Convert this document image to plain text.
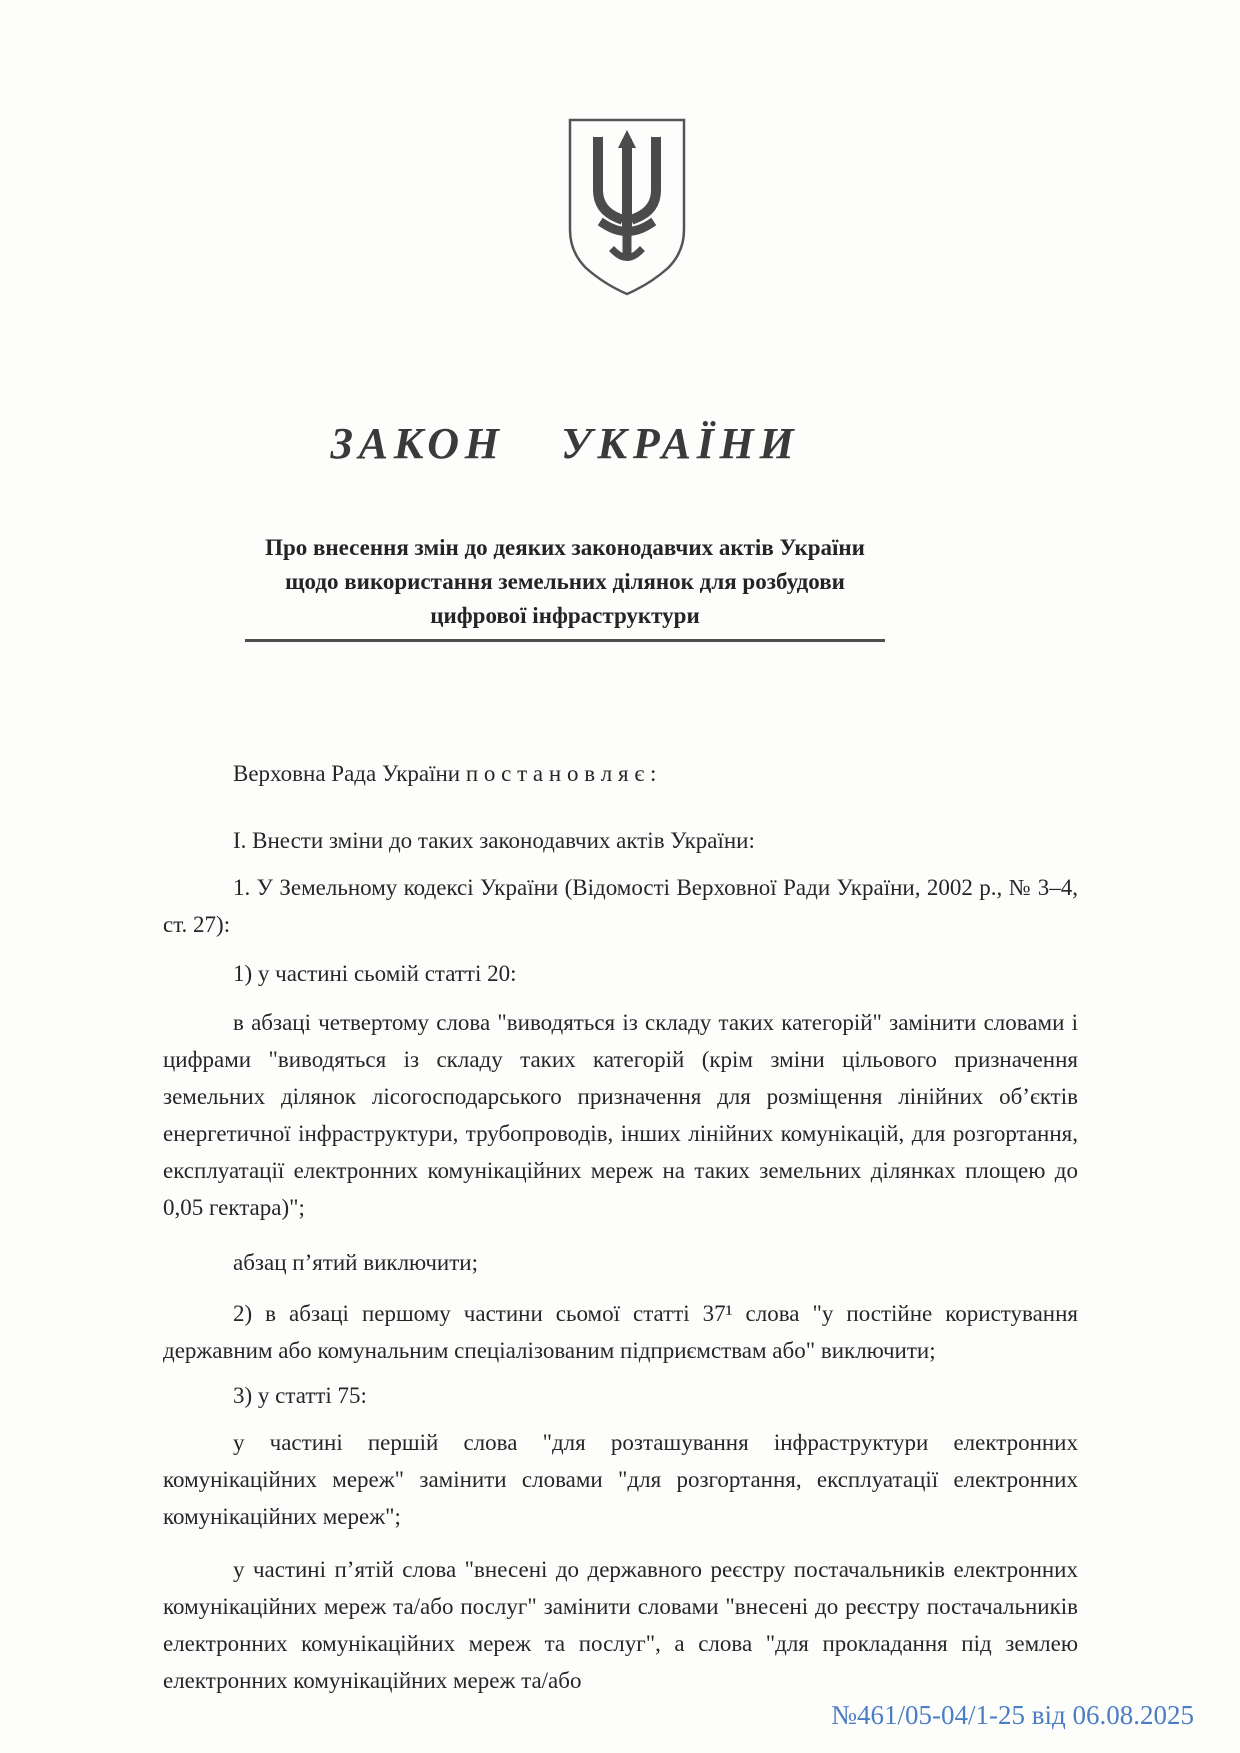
ЗАКОН УКРАЇНИ
Про внесення змін до деяких законодавчих актів України
щодо використання земельних ділянок для розбудови
цифрової інфраструктури

Верховна Рада України п о с т а н о в л я є :

I. Внести зміни до таких законодавчих актів України:

1. У Земельному кодексі України (Відомості Верховної Ради України, 2002 р., № 3–4, ст. 27):

1) у частині сьомій статті 20:

в абзаці четвертому слова "виводяться із складу таких категорій" замінити словами і цифрами "виводяться із складу таких категорій (крім зміни цільового призначення земельних ділянок лісогосподарського призначення для розміщення лінійних об’єктів енергетичної інфраструктури, трубопроводів, інших лінійних комунікацій, для розгортання, експлуатації електронних комунікаційних мереж на таких земельних ділянках площею до 0,05 гектара)";

абзац п’ятий виключити;

2) в абзаці першому частини сьомої статті 37¹ слова "у постійне користування державним або комунальним спеціалізованим підприємствам або" виключити;

3) у статті 75:

у частині першій слова "для розташування інфраструктури електронних комунікаційних мереж" замінити словами "для розгортання, експлуатації електронних комунікаційних мереж";

у частині п’ятій слова "внесені до державного реєстру постачальників електронних комунікаційних мереж та/або послуг" замінити словами "внесені до реєстру постачальників електронних комунікаційних мереж та послуг", а слова "для прокладання під землею електронних комунікаційних мереж та/або

№461/05-04/1-25 від 06.08.2025
